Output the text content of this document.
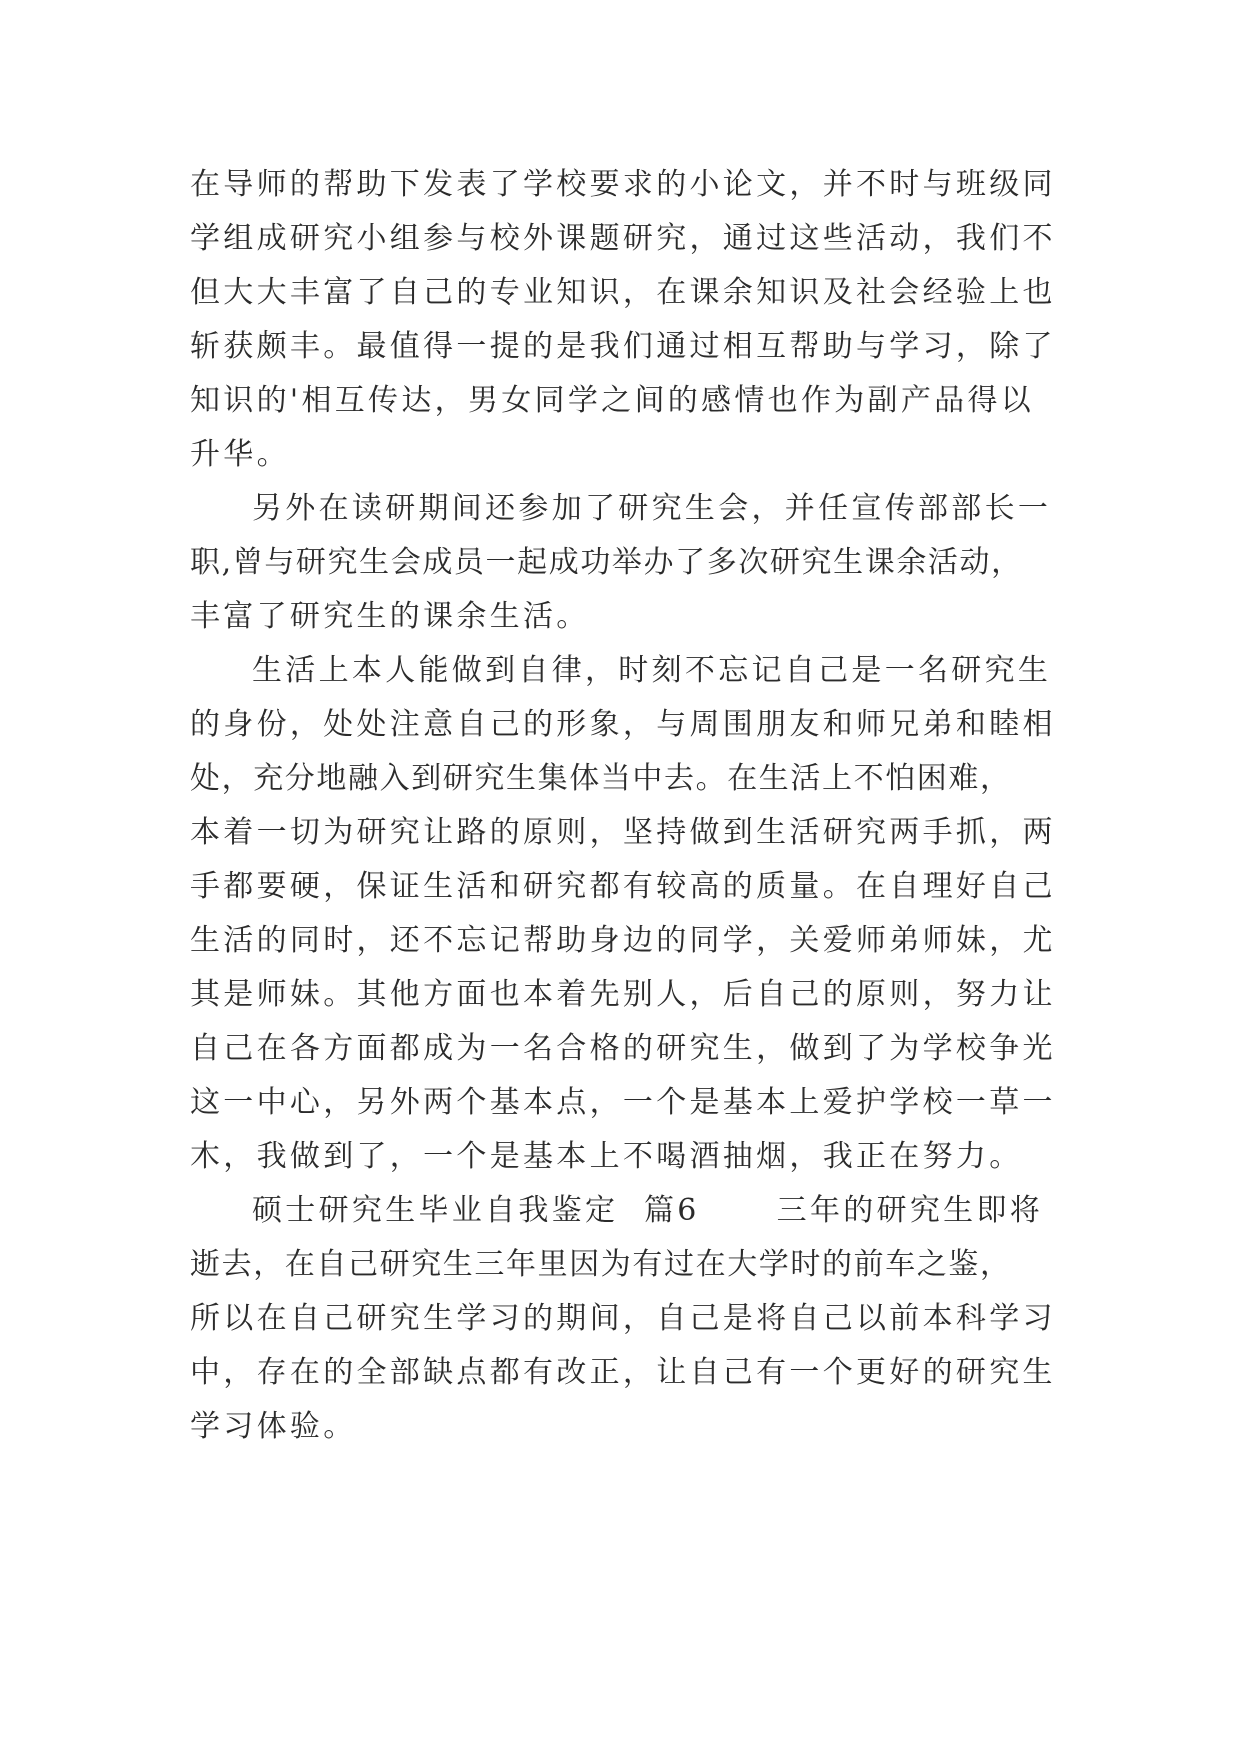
在导师的帮助下发表了学校要求的小论文，并不时与班级同
学组成研究小组参与校外课题研究，通过这些活动，我们不
但大大丰富了自己的专业知识，在课余知识及社会经验上也
斩获颇丰。最值得一提的是我们通过相互帮助与学习，除了
知识的'相互传达，男女同学之间的感情也作为副产品得以
升华。
另外在读研期间还参加了研究生会，并任宣传部部长一
职,曾与研究生会成员一起成功举办了多次研究生课余活动，
丰富了研究生的课余生活。
生活上本人能做到自律，时刻不忘记自己是一名研究生
的身份，处处注意自己的形象，与周围朋友和师兄弟和睦相
处，充分地融入到研究生集体当中去。在生活上不怕困难，
本着一切为研究让路的原则，坚持做到生活研究两手抓，两
手都要硬，保证生活和研究都有较高的质量。在自理好自己
生活的同时，还不忘记帮助身边的同学，关爱师弟师妹，尤
其是师妹。其他方面也本着先别人，后自己的原则，努力让
自己在各方面都成为一名合格的研究生，做到了为学校争光
这一中心，另外两个基本点，一个是基本上爱护学校一草一
木，我做到了，一个是基本上不喝酒抽烟，我正在努力。
硕士研究生毕业自我鉴定  篇6      三年的研究生即将
逝去，在自己研究生三年里因为有过在大学时的前车之鉴，
所以在自己研究生学习的期间，自己是将自己以前本科学习
中，存在的全部缺点都有改正，让自己有一个更好的研究生
学习体验。
